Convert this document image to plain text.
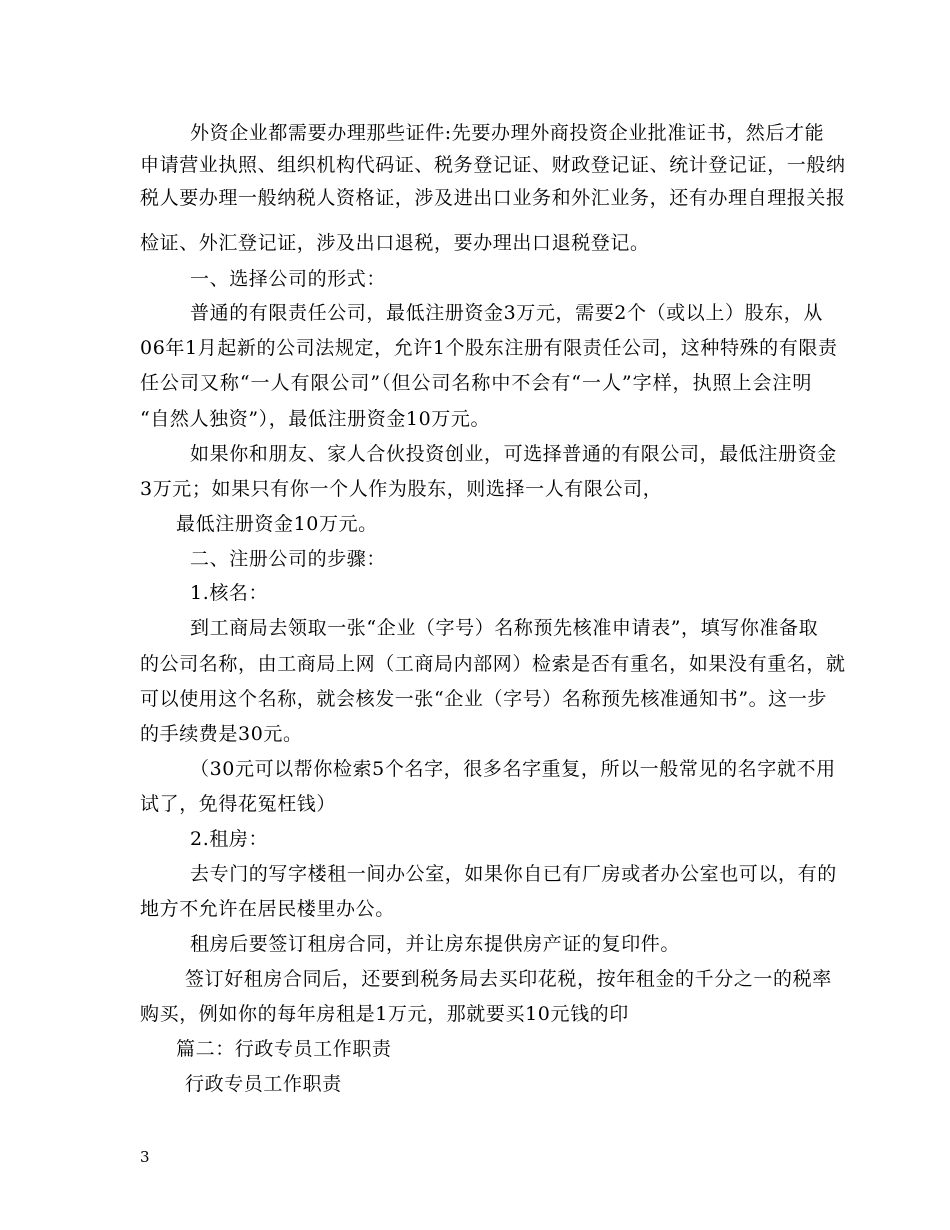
外资企业都需要办理那些证件:先要办理外商投资企业批准证书，然后才能
申请营业执照、组织机构代码证、税务登记证、财政登记证、统计登记证，一般纳
税人要办理一般纳税人资格证，涉及进出口业务和外汇业务，还有办理自理报关报
检证、外汇登记证，涉及出口退税，要办理出口退税登记。
一、选择公司的形式：
普通的有限责任公司，最低注册资金3万元，需要2个（或以上）股东，从
06年1月起新的公司法规定，允许1个股东注册有限责任公司，这种特殊的有限责
任公司又称“一人有限公司”（但公司名称中不会有“一人”字样，执照上会注明
“自然人独资”），最低注册资金10万元。
如果你和朋友、家人合伙投资创业，可选择普通的有限公司，最低注册资金
3万元；如果只有你一个人作为股东，则选择一人有限公司，
最低注册资金10万元。
二、注册公司的步骤：
1.核名：
到工商局去领取一张“企业（字号）名称预先核准申请表”，填写你准备取
的公司名称，由工商局上网（工商局内部网）检索是否有重名，如果没有重名，就
可以使用这个名称，就会核发一张“企业（字号）名称预先核准通知书”。这一步
的手续费是30元。
（30元可以帮你检索5个名字，很多名字重复，所以一般常见的名字就不用
试了，免得花冤枉钱）
2.租房：
去专门的写字楼租一间办公室，如果你自已有厂房或者办公室也可以，有的
地方不允许在居民楼里办公。
租房后要签订租房合同，并让房东提供房产证的复印件。
签订好租房合同后，还要到税务局去买印花税，按年租金的千分之一的税率
购买，例如你的每年房租是1万元，那就要买10元钱的印
篇二：行政专员工作职责
行政专员工作职责
3
